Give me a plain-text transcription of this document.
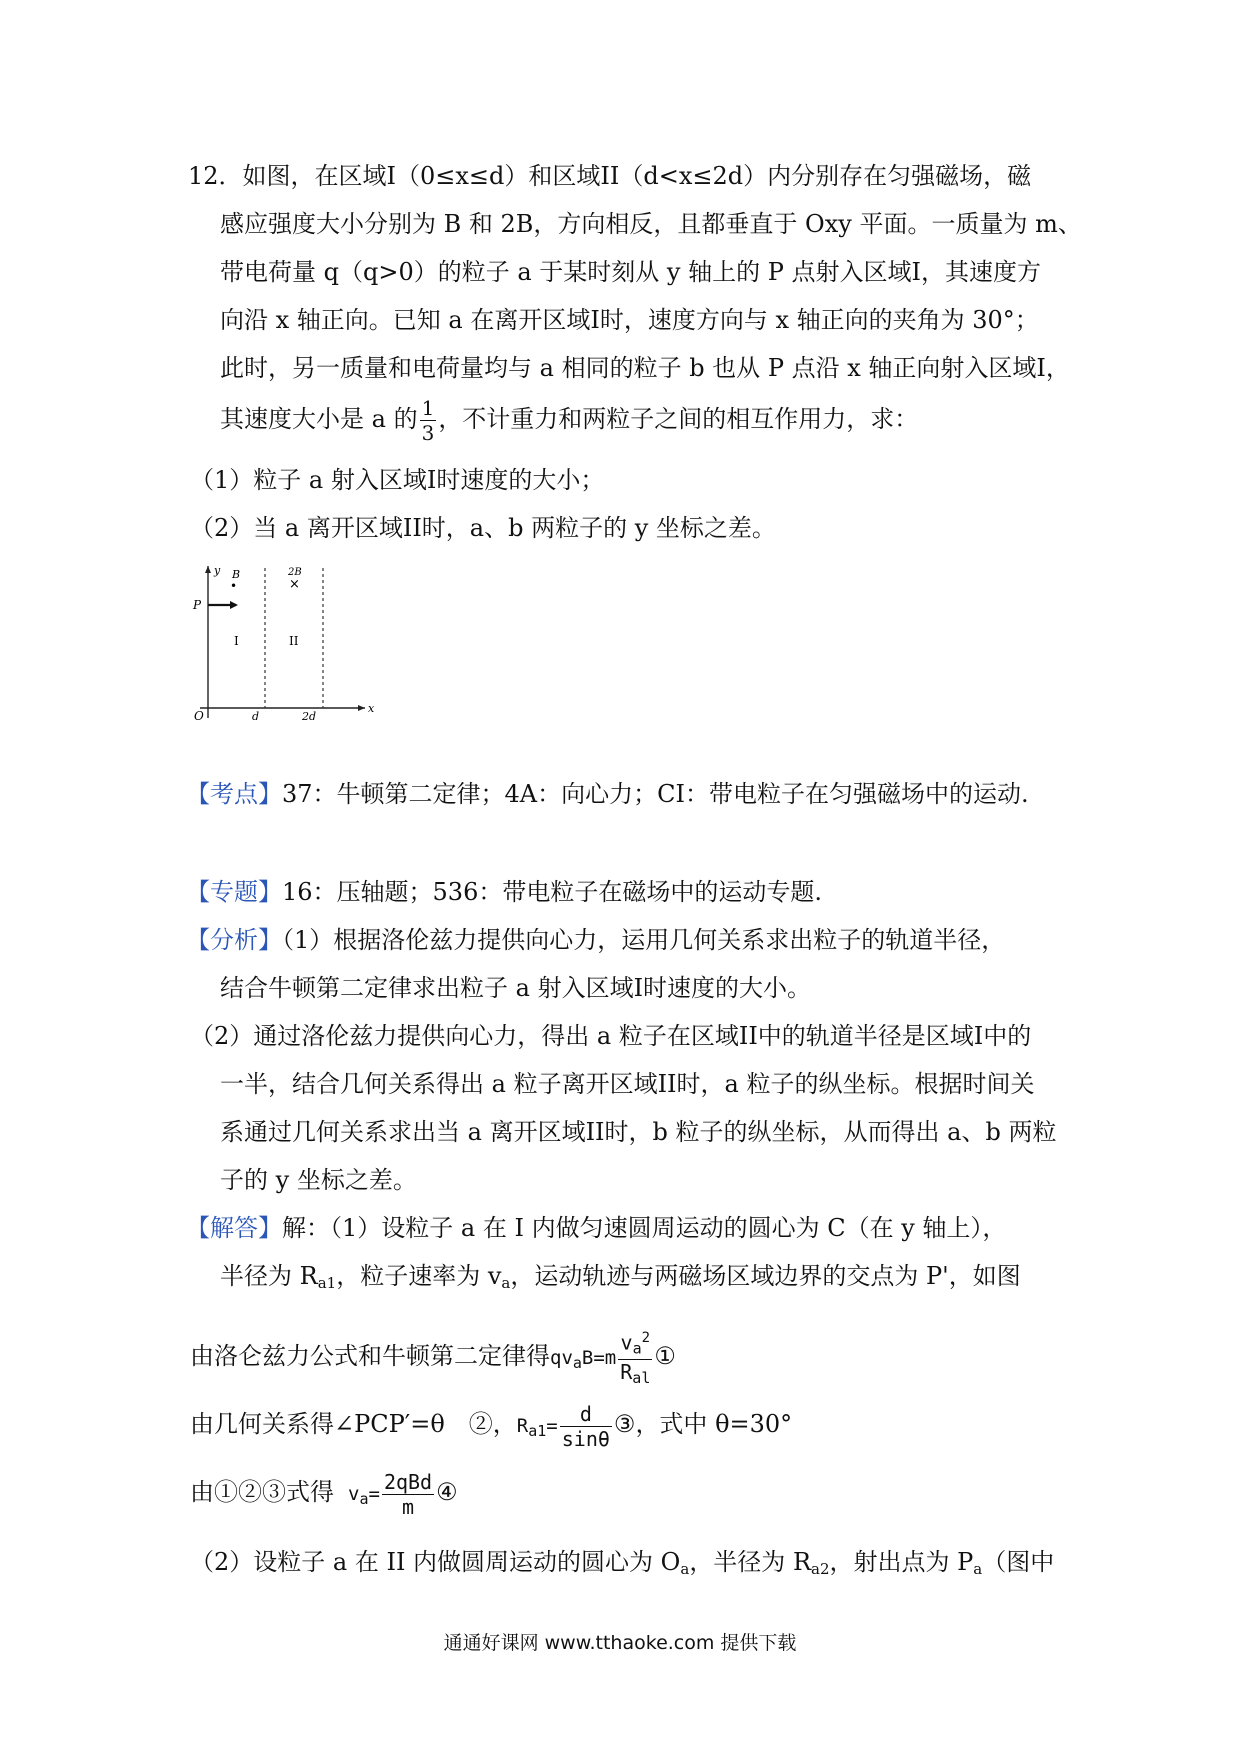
12．如图，在区域I（0≤x≤d）和区域II（d<x≤2d）内分别存在匀强磁场，磁
感应强度大小分别为 B 和 2B，方向相反，且都垂直于 Oxy 平面。一质量为 m、
带电荷量 q（q>0）的粒子 a 于某时刻从 y 轴上的 P 点射入区域I，其速度方
向沿 x 轴正向。已知 a 在离开区域I时，速度方向与 x 轴正向的夹角为 30°；
此时，另一质量和电荷量均与 a 相同的粒子 b 也从 P 点沿 x 轴正向射入区域I，
其速度大小是 a 的 $\frac{1}{3}$ ，不计重力和两粒子之间的相互作用力，求：
（1）粒子 a 射入区域I时速度的大小；
（2）当 a 离开区域II时，a、b 两粒子的 y 坐标之差。
y
x
O
P
B
•
2B
×
I	II
d	2d
【考点】37：牛顿第二定律；4A：向心力；CI：带电粒子在匀强磁场中的运动.
【专题】16：压轴题；536：带电粒子在磁场中的运动专题.
【分析】（1）根据洛伦兹力提供向心力，运用几何关系求出粒子的轨道半径，
结合牛顿第二定律求出粒子 a 射入区域I时速度的大小。
（2）通过洛伦兹力提供向心力，得出 a 粒子在区域II中的轨道半径是区域I中的
一半，结合几何关系得出 a 粒子离开区域II时，a 粒子的纵坐标。根据时间关
系通过几何关系求出当 a 离开区域II时，b 粒子的纵坐标，从而得出 a、b 两粒
子的 y 坐标之差。
【解答】解：（1）设粒子 a 在 I 内做匀速圆周运动的圆心为 C（在 y 轴上），
半径为 $R_{a1}$，粒子速率为 $v_a$，运动轨迹与两磁场区域边界的交点为 P'，如图
由洛仑兹力公式和牛顿第二定律得$qv_aB=m \frac{v_a^2}{R_{al}}$ ①
由几何关系得∠PCP′=θ　②，$R_{a1}= \frac{d}{\sin\theta}$ ③，式中 θ=30°
由①②③式得 $v_a= \frac{\text{2qBd}}{m}$ ④
（2）设粒子 a 在 II 内做圆周运动的圆心为 $O_a$，半径为 $R_{a2}$，射出点为 $P_a$（图中
通通好课网 www.tthaoke.com 提供下载
